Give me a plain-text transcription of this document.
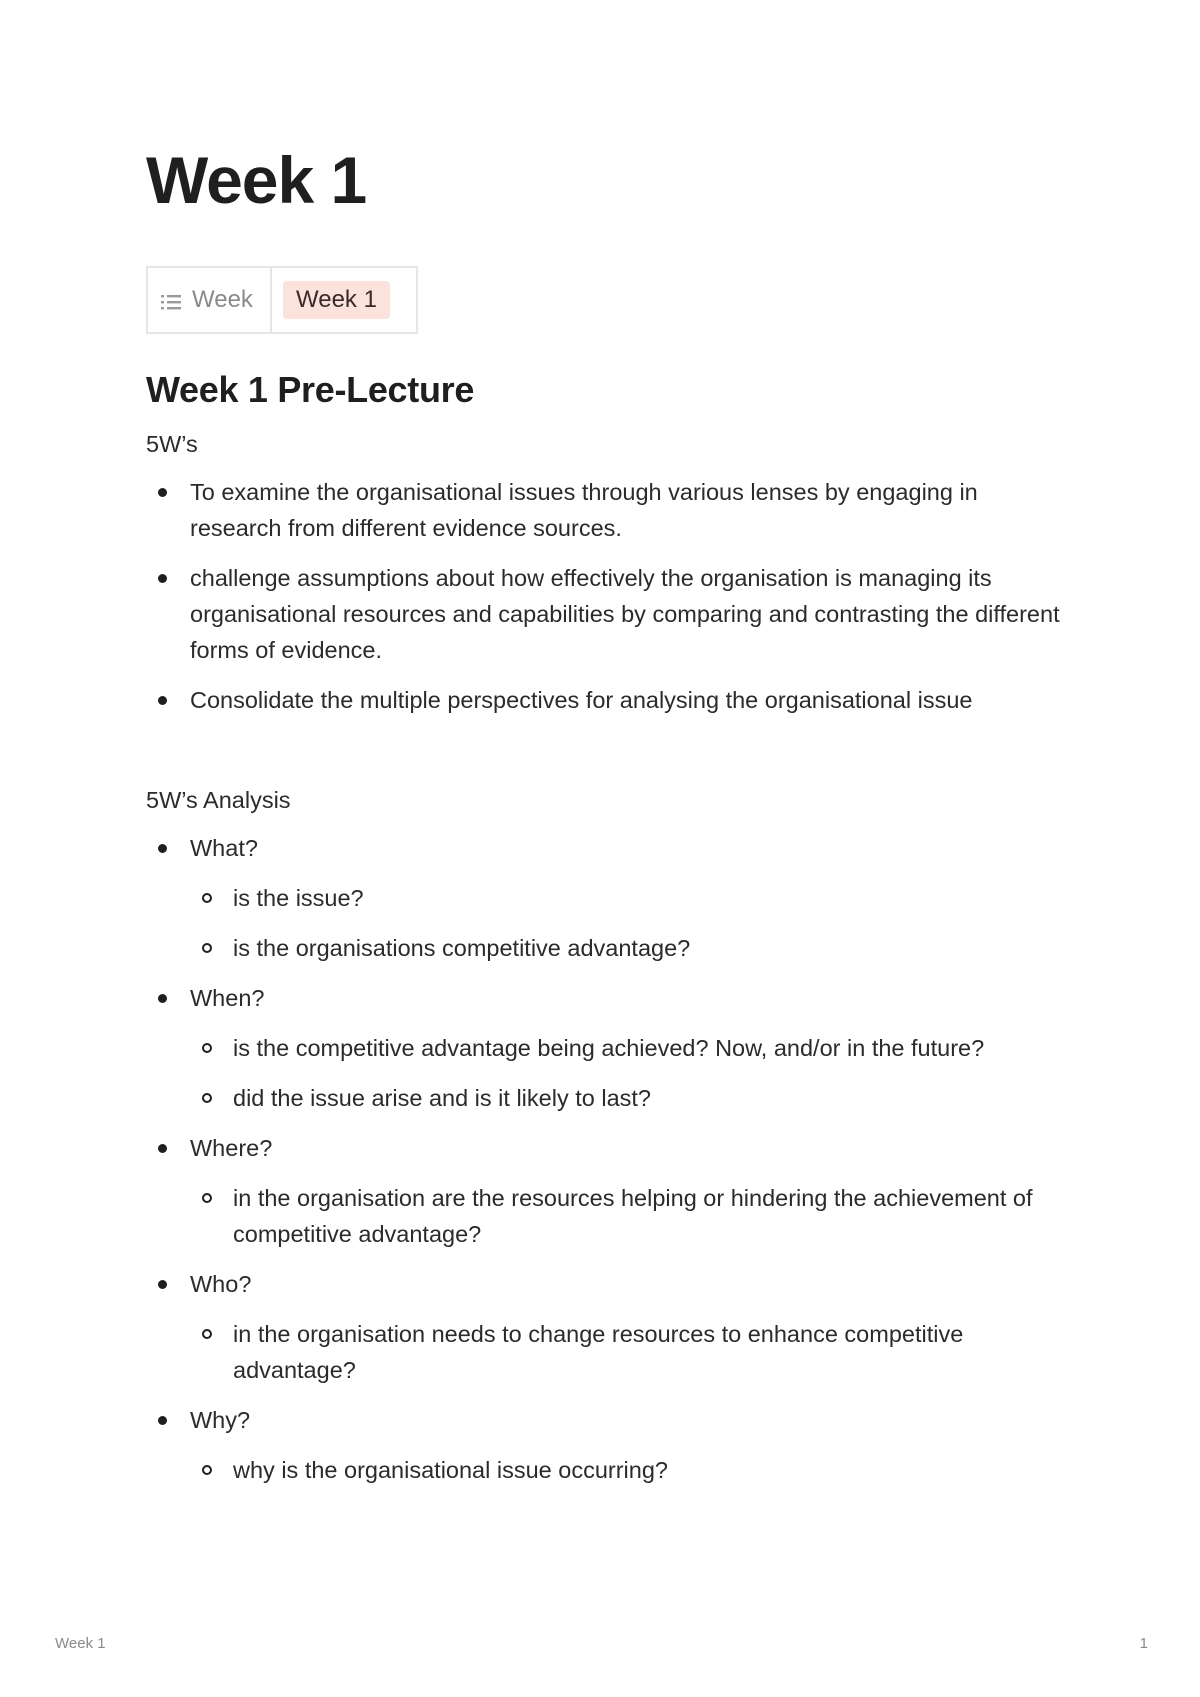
Week 1
Week	Week 1
Week 1 Pre-Lecture

5W’s

To examine the organisational issues through various lenses by engaging in research from different evidence sources.
challenge assumptions about how effectively the organisation is managing its organisational resources and capabilities by comparing and contrasting the different forms of evidence.
Consolidate the multiple perspectives for analysing the organisational issue

5W’s Analysis

What?
is the issue?
is the organisations competitive advantage?
When?
is the competitive advantage being achieved? Now, and/or in the future?
did the issue arise and is it likely to last?
Where?
in the organisation are the resources helping or hindering the achievement of competitive advantage?
Who?
in the organisation needs to change resources to enhance competitive advantage?
Why?
why is the organisational issue occurring?
Week 1	1
